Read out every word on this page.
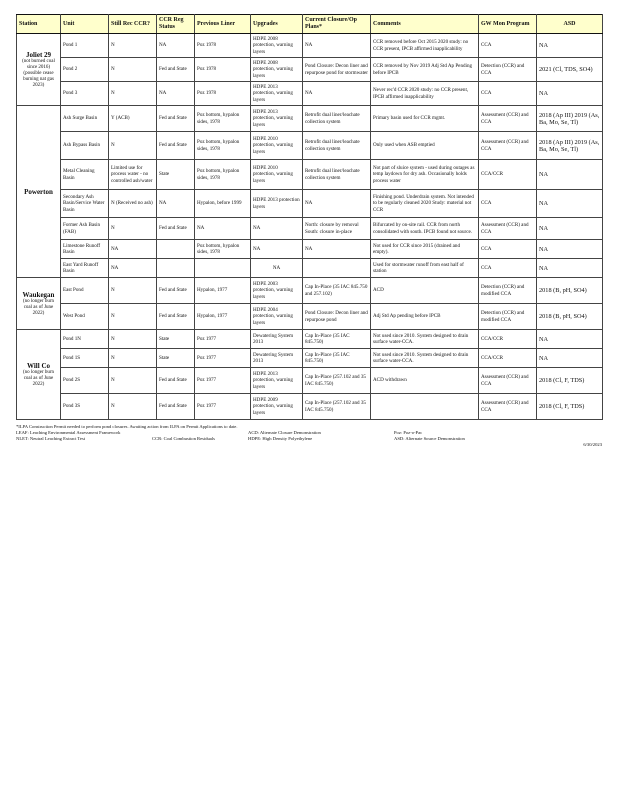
Station	Unit	Still Rec CCR?	CCR Reg Status	Previous Liner	Upgrades	Current Closure/Op Plans*	Comments	GW Mon Program	ASD

Joliet 29
(not burned coal since 2016) (possible cease burning nat gas 2023)	Pond 1	N	NA	Poz 1978	HDPE 2008 protection, warning layers	NA	CCR removed before Oct 2015 2020 study: no CCR present, IPCB affirmed inapplicability	CCA	NA
	Pond 2	N	Fed and State	Poz 1978	HDPE 2008 protection, warning layers	Pond Closure: Decon liner and repurpose pond for stormwater	CCR removed by Nov 2019 Adj Std Ap Pending before IPCB	Detection (CCR) and CCA	2021 (Cl, TDS, SO4)
	Pond 3	N	NA	Poz 1978	HDPE 2013 protection, warning layers	NA	Never rec'd CCR 2020 study: no CCR present, IPCB affirmed inapplicability	CCA	NA

Powerton	Ash Surge Basin	Y (ACB)	Fed and State	Poz bottom, hypalon sides, 1978	HDPE 2013 protection, warning layers	Retrofit dual liner/leachate collection system	Primary basin used for CCR mgmt.	Assessment (CCR) and CCA	2018 (Ap III) 2019 (As, Ba, Mo, Se, Tl)
	Ash Bypass Basin	N	Fed and State	Poz bottom, hypalon sides, 1978	HDPE 2010 protection, warning layers	Retrofit dual liner/leachate collection system	Only used when ASB emptied	Assessment (CCR) and CCA	2018 (Ap III) 2019 (As, Ba, Mo, Se, Tl)
	Metal Cleaning Basin	Limited use for process water - no controlled ash/water	State	Poz bottom, hypalon sides, 1978	HDPE 2010 protection, warning layers	Retrofit dual liner/leachate collection system	Not part of sluice system - used during outages as temp laydown for dry ash. Occasionally holds process water	CCA/CCR	NA
	Secondary Ash Basin/Service Water Basin	N (Received no ash)	NA	Hypalon, before 1999	HDPE 2013 protection layers	NA	Finishing pond. Underdrain system. Not intended to be regularly cleaned 2020 Study: material not CCR	CCA	NA
	Former Ash Basin (FAB)	N	Fed and State	NA	NA	North: closure by removal South: closure in-place	Bifurcated by on-site rail. CCR from north consolidated with south. IPCB found not source.	Assessment (CCR) and CCA	NA
	Limestone Runoff Basin	NA		Poz bottom, hypalon sides, 1978	NA	NA	Not used for CCR since 2015 (drained and empty).	CCA	NA
	East Yard Runoff Basin	NA			NA		Used for stormwater runoff from east half of station	CCA	NA

Waukegan
(no longer burn coal as of June 2022)	East Pond	N	Fed and State	Hypalon, 1977	HDPE 2003 protection, warning layers	Cap In-Place (35 IAC 845.750 and 257.102)	ACD	Detection (CCR) and modified CCA	2018 (B, pH, SO4)
	West Pond	N	Fed and State	Hypalon, 1977	HDPE 2004 protection, warning layers	Pond Closure: Decon liner and repurpose pond	Adj Std Ap pending before IPCB	Detection (CCR) and modified CCA	2018 (B, pH, SO4)

Will Co
(no longer burn coal as of June 2022)	Pond 1N	N	State	Poz 1977	Dewatering System 2013	Cap In-Place (35 IAC 845.750)	Not used since 2010. System designed to drain surface water-CCA.	CCA/CCR	NA
	Pond 1S	N	State	Poz 1977	Dewatering System 2013	Cap In-Place (35 IAC 845.750)	Not used since 2010. System designed to drain surface water-CCA.	CCA/CCR	NA
	Pond 2S	N	Fed and State	Poz 1977	HDPE 2013 protection, warning layers	Cap In-Place (257.102 and 35 IAC 845.750)	ACD withdrawn	Assessment (CCR) and CCA	2018 (Cl, F, TDS)
	Pond 3S	N	Fed and State	Poz 1977	HDPE 2009 protection, warning layers	Cap In-Place (257.102 and 35 IAC 845.750)		Assessment (CCR) and CCA	2018 (Cl, F, TDS)
*ILPA Construction Permit needed to perform pond closures. Awaiting action from ILPA on Permit Applications to date.
LEAF: Leaching Environmental Assessment Framework	ACD: Alternate Closure Demonstration	Poz: Poz-o-Pac
NLET: Neutral Leaching Extract Test	CCR: Coal Combustion Residuals	HDPE: High Density Polyethylene	ASD: Alternate Source Demonstration
6/30/2023
